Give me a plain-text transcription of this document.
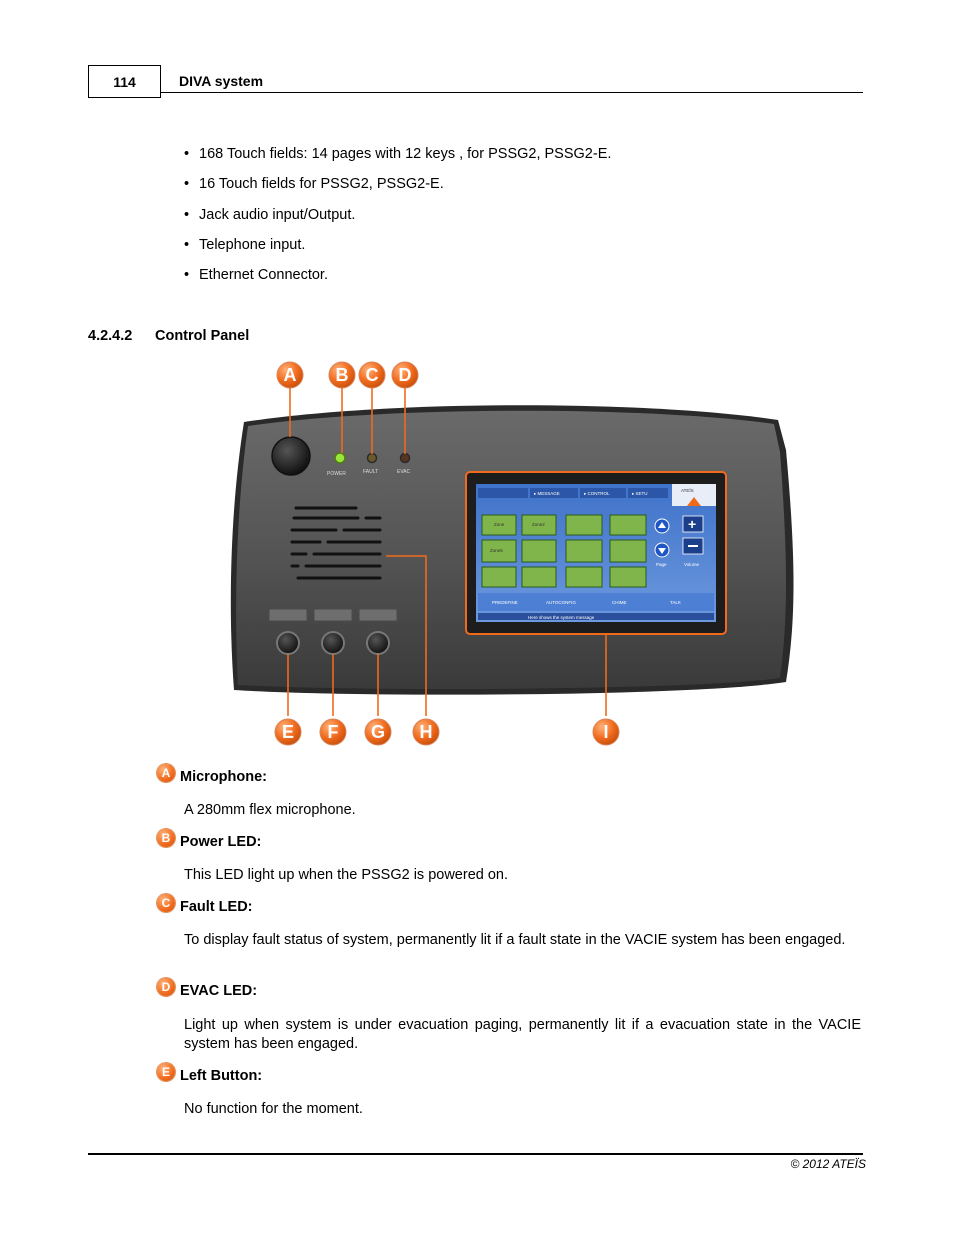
114	DIVA system
• 168 Touch fields: 14 pages with 12 keys , for PSSG2, PSSG2-E.
• 16 Touch fields for PSSG2, PSSG2-E.
• Jack audio input/Output.
• Telephone input.
• Ethernet Connector.
4.2.4.2 Control Panel
POWER	FAULT	EVAC
▸ MESSAGE	▸ CONTROL	▸ SETU
ATEÏS
Zone	Zone2
Zone5
Page
+
Volume
PREDEFINE	AUTOCONFIG	CHIME	TALK
Here shows the system message
A B C D
E F G H	I
A Microphone:
A 280mm flex microphone.
B Power LED:
This LED light up when the PSSG2 is powered on.
C Fault LED:
To display fault status of system, permanently lit if a fault state in the VACIE system has been engaged.
D EVAC LED:
Light up when system is under evacuation paging, permanently lit if a evacuation state in the VACIE system has been engaged.
E Left Button:
No function for the moment.
© 2012 ATEÏS
